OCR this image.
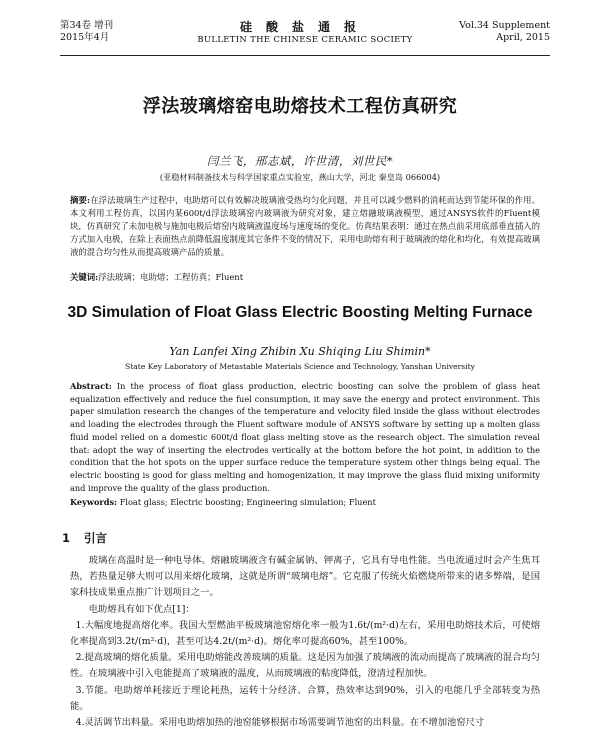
第34卷 增刊
2015年4月
硅酸盐通报
BULLETIN THE CHINESE CERAMIC SOCIETY
Vol.34 Supplement
April, 2015
浮法玻璃熔窑电助熔技术工程仿真研究
闫兰飞，邢志斌，许世清，刘世民*
(亚稳材料制备技术与科学国家重点实验室，燕山大学，河北 秦皇岛 066004)
摘要:在浮法玻璃生产过程中，电助熔可以有效解决玻璃液受热均匀化问题，并且可以减少燃料的消耗而达到节能环保的作用。本文利用工程仿真，以国内某600t/d浮法玻璃窑内玻璃液为研究对象，建立熔融玻璃液模型，通过ANSYS软件的Fluent模块，仿真研究了未加电极与施加电极后熔窑内玻璃液温度场与速度场的变化。仿真结果表明：通过在热点前采用底部垂直插入的方式加入电极，在除上表面热点前降低温度制度其它条件不变的情况下，采用电助熔有利于玻璃液的熔化和均化，有效提高玻璃液的混合均匀性从而提高玻璃产品的质量。
关键词:浮法玻璃；电助熔；工程仿真；Fluent
3D Simulation of Float Glass Electric Boosting Melting Furnace
Yan Lanfei Xing Zhibin Xu Shiqing Liu Shimin*
State Key Laboratory of Metastable Materials Science and Technology, Yanshan University
Abstract: In the process of float glass production, electric boosting can solve the problem of glass heat equalization effectively and reduce the fuel consumption, it may save the energy and protect environment. This paper simulation research the changes of the temperature and velocity filed inside the glass without electrodes and loading the electrodes through the Fluent software module of ANSYS software by setting up a molten glass fluid model relied on a domestic 600t/d float glass melting stove as the research object. The simulation reveal that: adopt the way of inserting the electrodes vertically at the bottom before the hot point, in addition to the condition that the hot spots on the upper surface reduce the temperature system other things being equal. The electric boosting is good for glass melting and homogenization, it may improve the glass fluid mixing uniformity and improve the quality of the glass production.
Keywords: Float glass; Electric boosting; Engineering simulation; Fluent
1 引言

玻璃在高温时是一种电导体。熔融玻璃液含有碱金属钠、钾离子，它具有导电性能。当电流通过时会产生焦耳热，若热量足够大则可以用来熔化玻璃，这就是所谓“玻璃电熔”。它克服了传统火焰燃烧所带来的诸多弊端，是国家科技成果重点推广计划项目之一。

电助熔具有如下优点[1]：

1.大幅度地提高熔化率。我国大型燃油平板玻璃池窑熔化率一般为1.6t/(m²·d)左右，采用电助熔技术后，可使熔化率提高到3.2t/(m²·d)，甚至可达4.2t/(m²·d)。熔化率可提高60%，甚至100%。

2.提高玻璃的熔化质量。采用电助熔能改善玻璃的质量。这是因为加强了玻璃液的流动而提高了玻璃液的混合均匀性。在玻璃液中引入电能提高了玻璃液的温度，从而玻璃液的粘度降低，澄清过程加快。

3.节能。电助熔单耗接近于理论耗热，运转十分经济、合算，热效率达到90%，引入的电能几乎全部转变为热能。

4.灵活调节出料量。采用电助熔加热的池窑能够根据市场需要调节池窑的出料量。在不增加池窑尺寸
